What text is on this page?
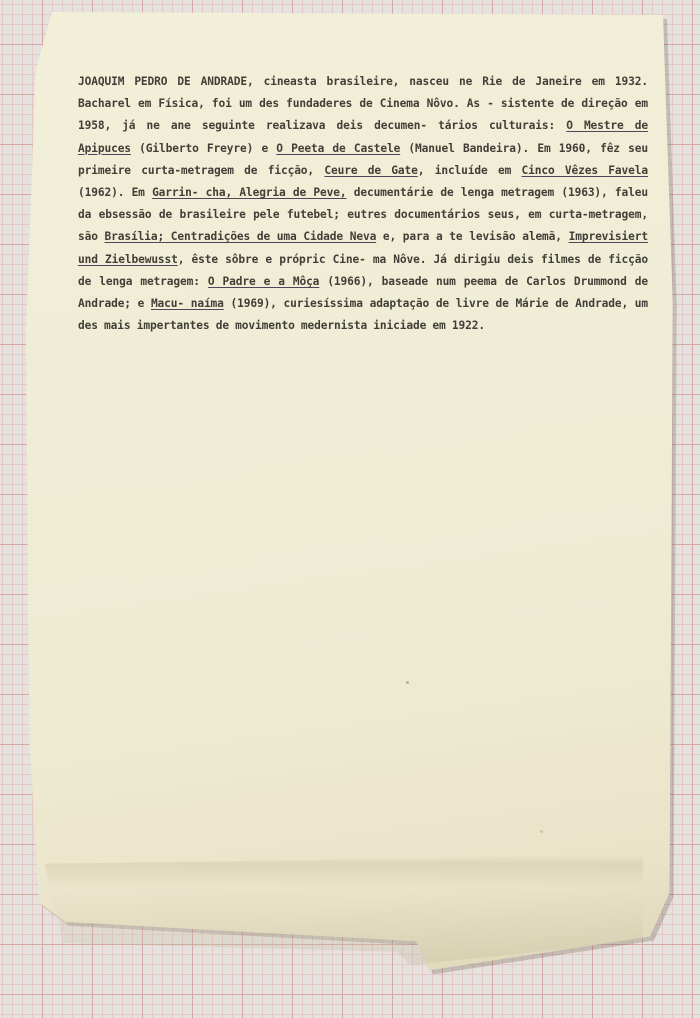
JOAQUIM PEDRO DE ANDRADE, cineasta brasileire, nasceu ne Rie de Janeire em 1932. Bacharel em Física, foi um des fundaderes de Cinema Nôvo. As - sistente de direção em 1958, já ne ane seguinte realizava deis decumen- tários culturais: O Mestre de Apipuces (Gilberto Freyre) e O Peeta de Castele (Manuel Bandeira). Em 1960, fêz seu primeire curta-metragem de ficção, Ceure de Gate, incluíde em Cinco Vêzes Favela (1962). Em Garrin- cha, Alegria de Peve, decumentárie de lenga metragem (1963), faleu da ebsessão de brasileire pele futebel; eutres documentários seus, em curta-metragem, são Brasília; Centradições de uma Cidade Neva e, para a te levisão alemã, Imprevisiert und Zielbewusst, êste sôbre e própric Cine- ma Nôve. Já dirigiu deis filmes de ficção de lenga metragem: O Padre e a Môça (1966), baseade num peema de Carlos Drummond de Andrade; e Macu- naíma (1969), curiesíssima adaptação de livre de Márie de Andrade, um des mais impertantes de movimento medernista iniciade em 1922.
